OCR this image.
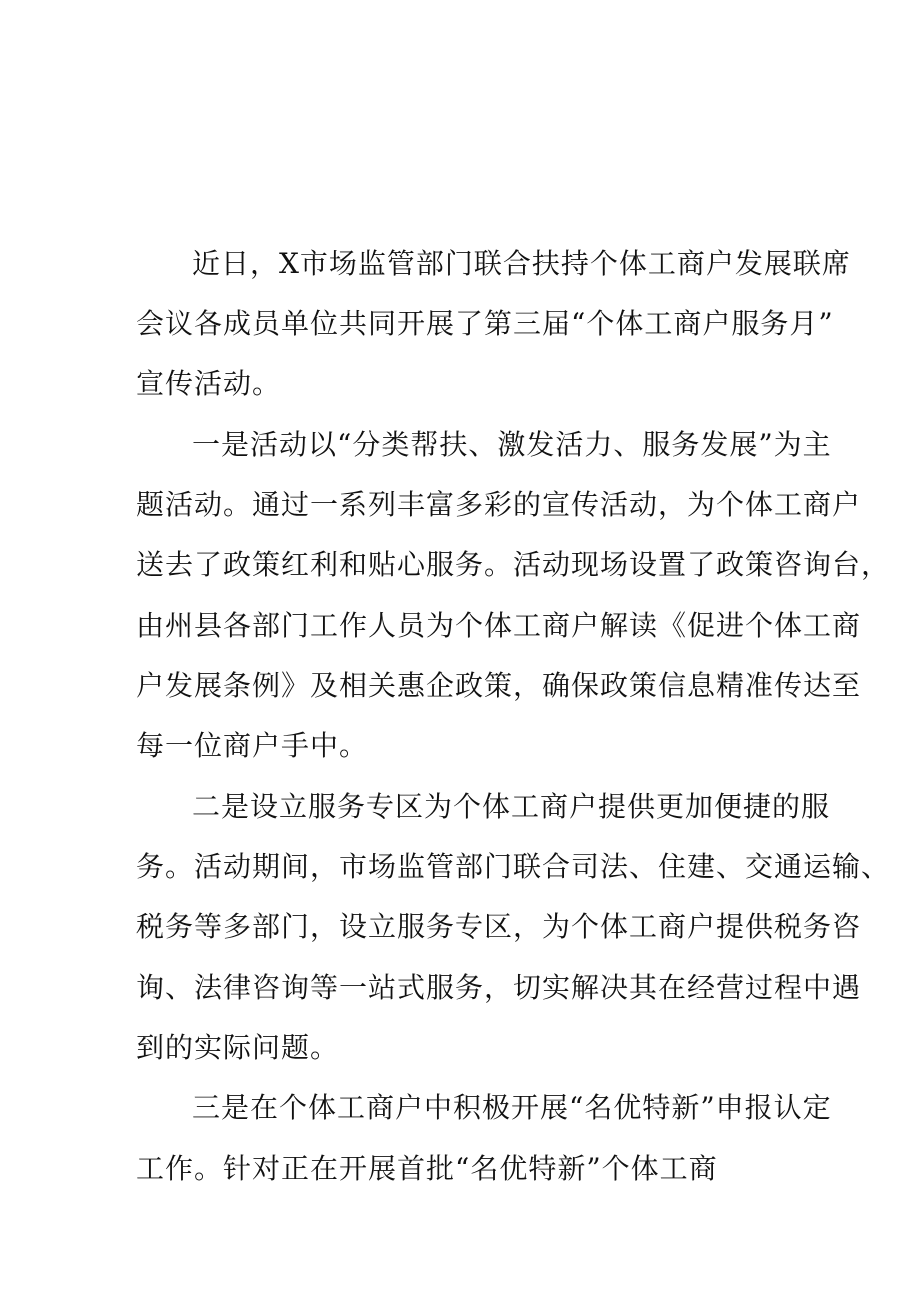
近日，X市场监管部门联合扶持个体工商户发展联席
会议各成员单位共同开展了第三届“个体工商户服务月”
宣传活动。
一是活动以“分类帮扶、激发活力、服务发展”为主
题活动。通过一系列丰富多彩的宣传活动，为个体工商户
送去了政策红利和贴心服务。活动现场设置了政策咨询台，
由州县各部门工作人员为个体工商户解读《促进个体工商
户发展条例》及相关惠企政策，确保政策信息精准传达至
每一位商户手中。
二是设立服务专区为个体工商户提供更加便捷的服
务。活动期间，市场监管部门联合司法、住建、交通运输、
税务等多部门，设立服务专区，为个体工商户提供税务咨
询、法律咨询等一站式服务，切实解决其在经营过程中遇
到的实际问题。
三是在个体工商户中积极开展“名优特新”申报认定
工作。针对正在开展首批“名优特新”个体工商
